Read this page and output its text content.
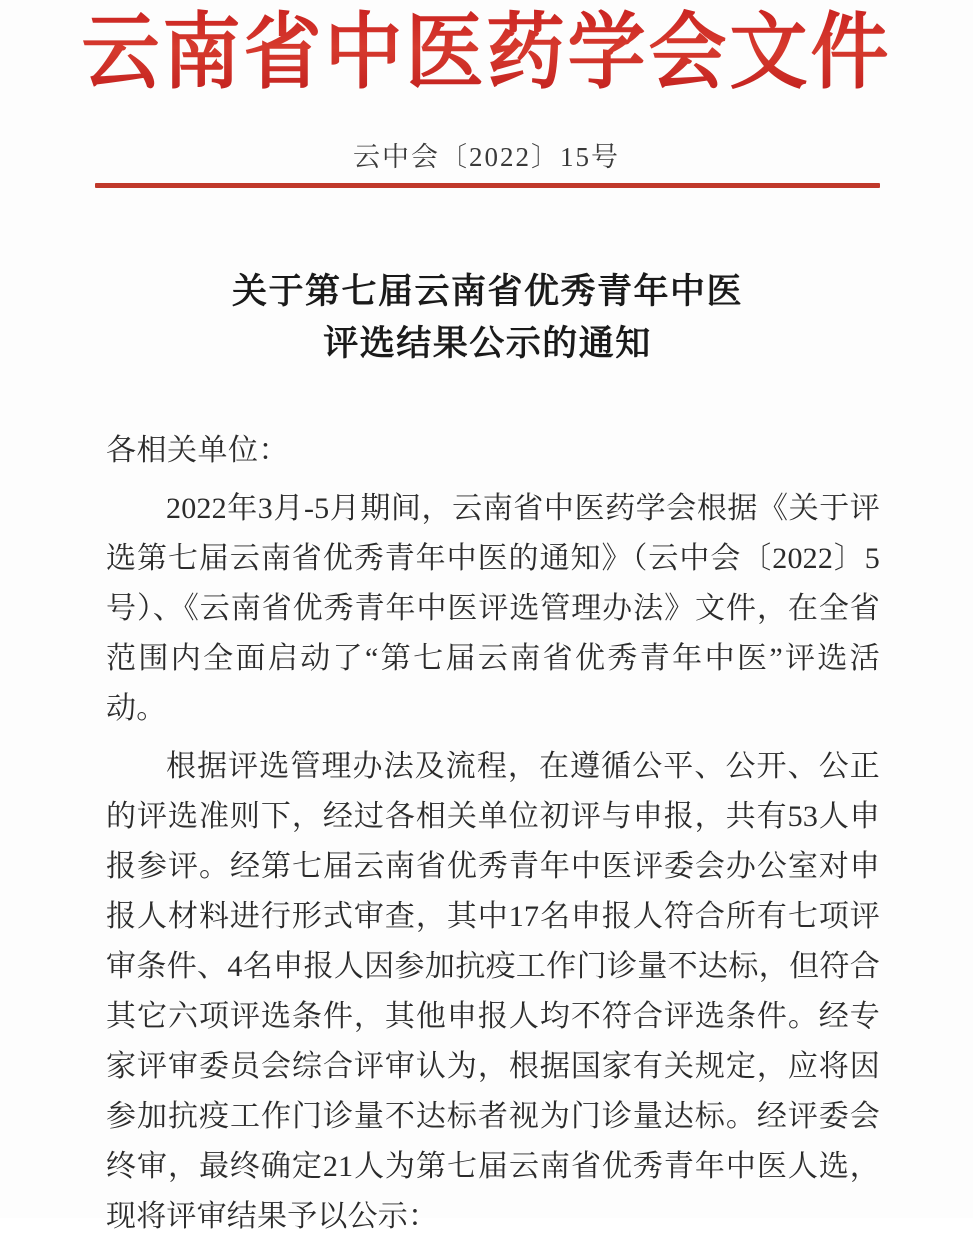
云南省中医药学会文件
云中会〔2022〕15号
关于第七届云南省优秀青年中医
评选结果公示的通知

各相关单位：

2022年3月-5月期间，云南省中医药学会根据《关于评选第七届云南省优秀青年中医的通知》（云中会〔2022〕5号）、《云南省优秀青年中医评选管理办法》文件，在全省范围内全面启动了“第七届云南省优秀青年中医”评选活动。

根据评选管理办法及流程，在遵循公平、公开、公正的评选准则下，经过各相关单位初评与申报，共有53人申报参评。经第七届云南省优秀青年中医评委会办公室对申报人材料进行形式审查，其中17名申报人符合所有七项评审条件、4名申报人因参加抗疫工作门诊量不达标，但符合其它六项评选条件，其他申报人均不符合评选条件。经专家评审委员会综合评审认为，根据国家有关规定，应将因参加抗疫工作门诊量不达标者视为门诊量达标。经评委会终审，最终确定21人为第七届云南省优秀青年中医人选，现将评审结果予以公示：
